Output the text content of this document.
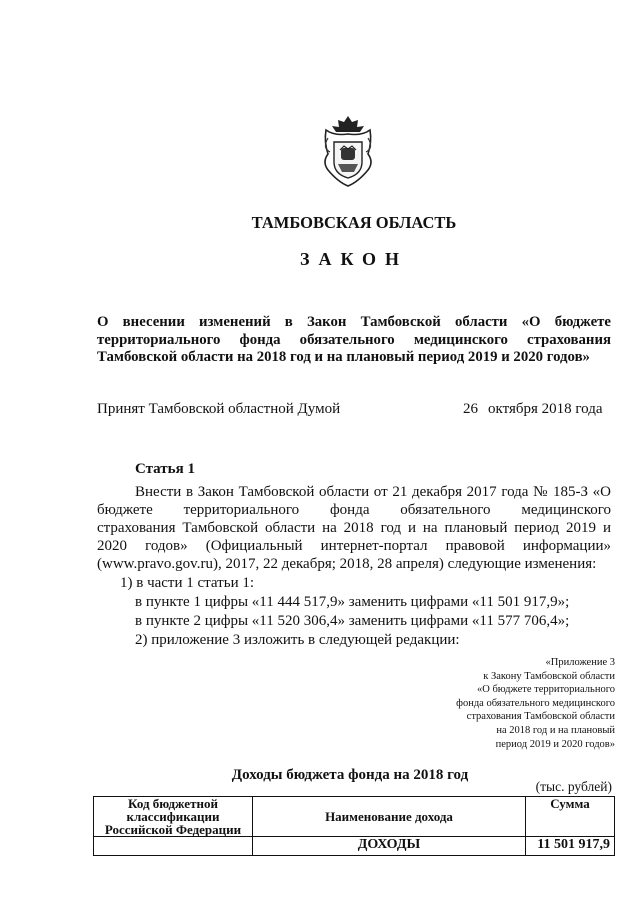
ТАМБОВСКАЯ ОБЛАСТЬ
ЗАКОН
О внесении изменений в Закон Тамбовской области «О бюджете
территориального фонда обязательного медицинского страхования
Тамбовской области на 2018 год и на плановый период 2019 и 2020 годов»
Принят Тамбовской областной Думой	26 октября 2018 года
Статья 1
Внести в Закон Тамбовской области от 21 декабря 2017 года № 185-З «О
бюджете территориального фонда обязательного медицинского
страхования Тамбовской области на 2018 год и на плановый период 2019 и
2020 годов» (Официальный интернет-портал правовой информации»
(www.pravo.gov.ru), 2017, 22 декабря; 2018, 28 апреля) следующие изменения:
1) в части 1 статьи 1:
в пункте 1 цифры «11 444 517,9» заменить цифрами «11 501 917,9»;
в пункте 2 цифры «11 520 306,4» заменить цифрами «11 577 706,4»;
2) приложение 3 изложить в следующей редакции:
«Приложение 3
к Закону Тамбовской области
«О бюджете территориального
фонда обязательного медицинского
страхования Тамбовской области
на 2018 год и на плановый
период 2019 и 2020 годов»
Доходы бюджета фонда на 2018 год
(тыс. рублей)
Код бюджетной классификации Российской Федерации	Наименование дохода	Сумма
	ДОХОДЫ	11 501 917,9
